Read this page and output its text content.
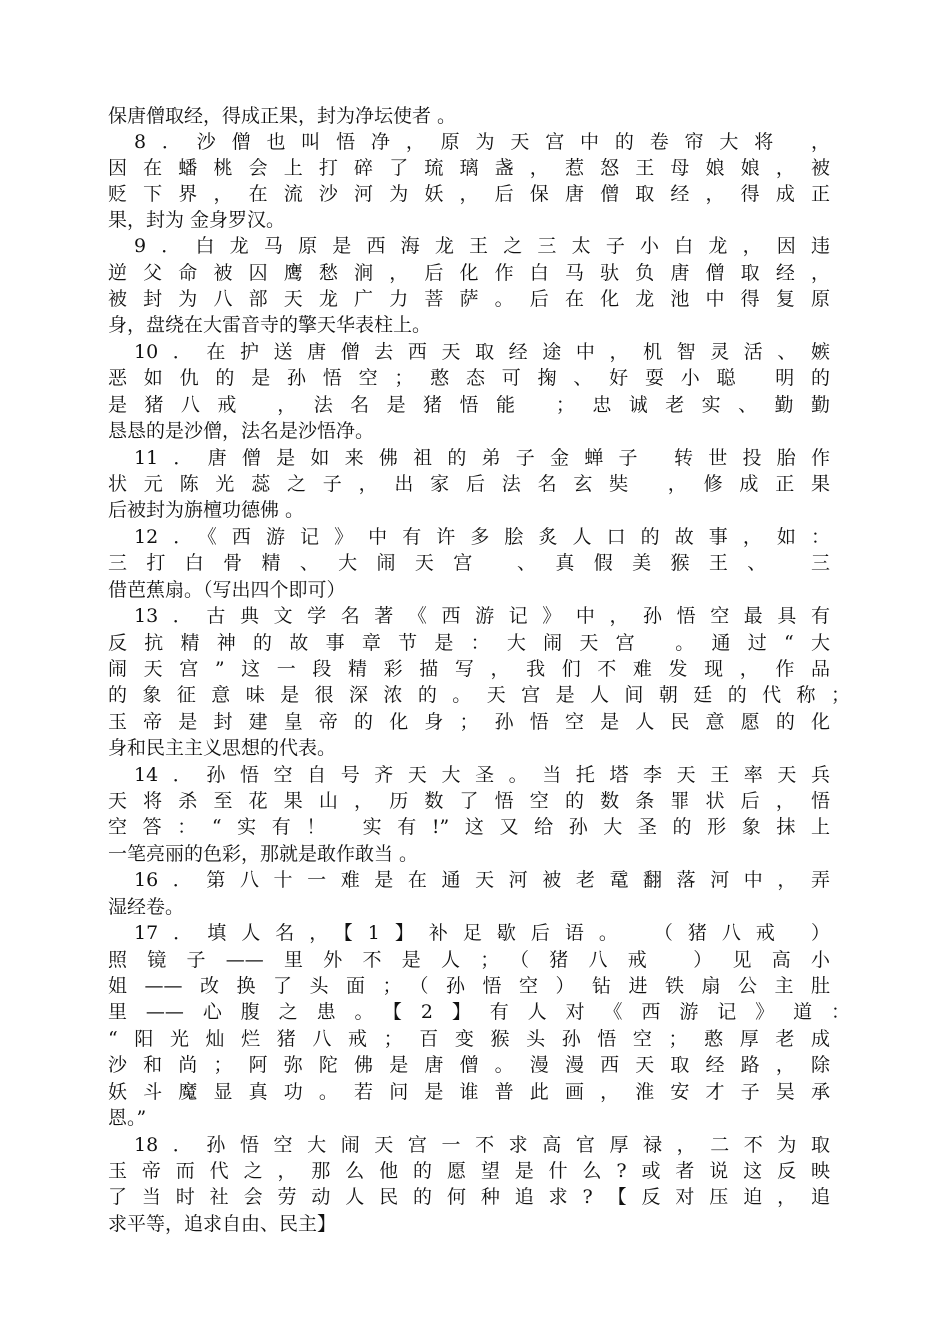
保唐僧取经，得成正果，封为净坛使者 。
8．沙僧也叫悟净，原为天宫中的卷帘大将 ，
因在蟠桃会上打碎了琉璃盏，惹怒王母娘娘，被
贬下界，在流沙河为妖，后保唐僧取经，得成正
果，封为 金身罗汉。
9．白龙马原是西海龙王之三太子小白龙，因违
逆父命被囚鹰愁涧，后化作白马驮负唐僧取经，
被封为八部天龙广力菩萨。后在化龙池中得复原
身，盘绕在大雷音寺的擎天华表柱上。
10．在护送唐僧去西天取经途中，机智灵活、嫉
恶如仇的是孙悟空；憨态可掬、好耍小聪 明的
是猪八戒 ，法名是猪悟能 ；忠诚老实、勤勤
恳恳的是沙僧，法名是沙悟净。
11．唐僧是如来佛祖的弟子金蝉子 转世投胎作
状元陈光蕊之子，出家后法名玄奘 ，修成正果
后被封为旃檀功德佛 。
12．《西游记》中有许多脍炙人口的故事，如：
三打白骨精、大闹天宫 、真假美猴王、 三
借芭蕉扇。（写出四个即可）
13．古典文学名著《西游记》中，孙悟空最具有
反抗精神的故事章节是：大闹天宫 。通过“大
闹天宫”这一段精彩描写，我们不难发现，作品
的象征意味是很深浓的。天宫是人间朝廷的代称；
玉帝是封建皇帝的化身；孙悟空是人民意愿的化
身和民主主义思想的代表。
14．孙悟空自号齐天大圣。当托塔李天王率天兵
天将杀至花果山，历数了悟空的数条罪状后，悟
空答：“实有！ 实有!”这又给孙大圣的形象抹上
一笔亮丽的色彩，那就是敢作敢当 。
16．第八十一难是在通天河被老鼋翻落河中，弄
湿经卷。
17．填人名，【1】补足歇后语。 （猪八戒 ）
照镜子——里外不是人；（猪八戒 ）见高小
姐——改换了头面；（孙悟空）钻进铁扇公主肚
里——心腹之患。【2】有人对《西游记》道：
“阳光灿烂猪八戒；百变猴头孙悟空；憨厚老成
沙和尚；阿弥陀佛是唐僧。漫漫西天取经路，除
妖斗魔显真功。若问是谁普此画，淮安才子吴承
恩。”
18．孙悟空大闹天宫一不求高官厚禄，二不为取
玉帝而代之，那么他的愿望是什么?或者说这反映
了当时社会劳动人民的何种追求?【反对压迫，追
求平等，追求自由、民主】
